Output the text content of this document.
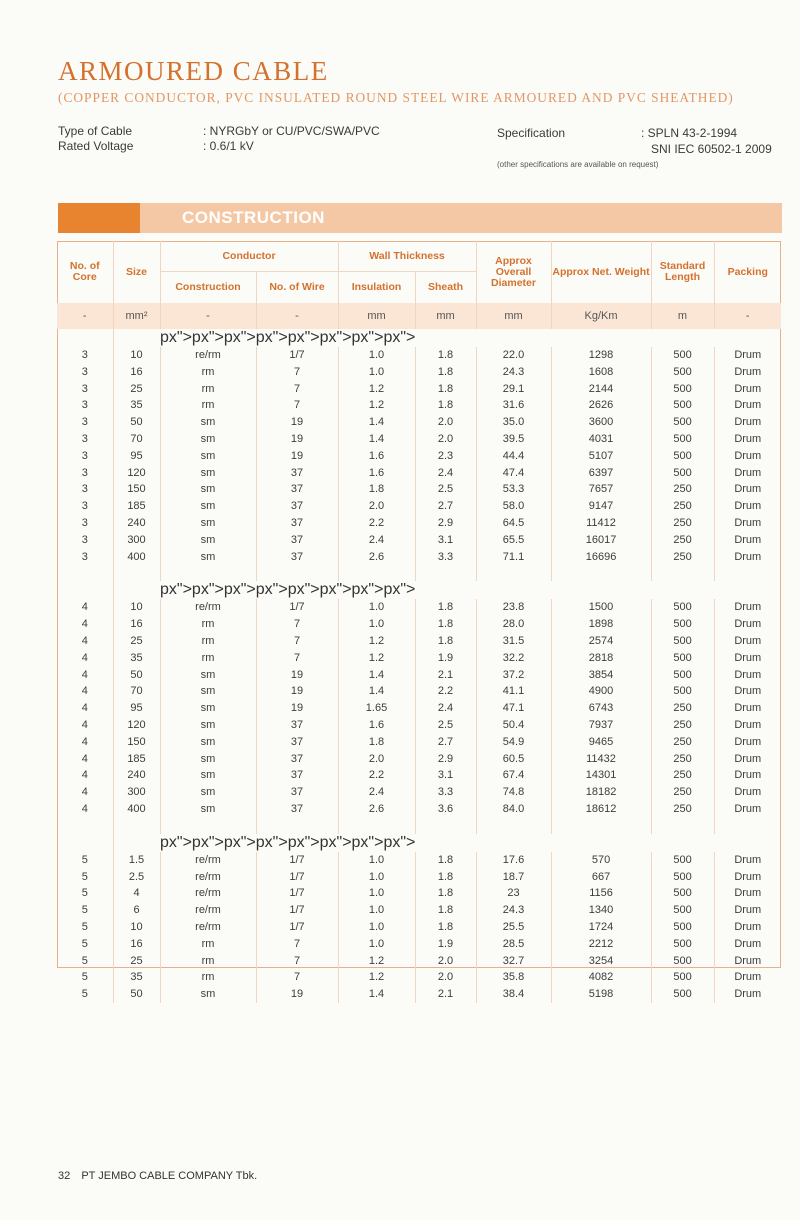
ARMOURED CABLE
(COPPER CONDUCTOR, PVC INSULATED ROUND STEEL WIRE ARMOURED AND PVC SHEATHED)
Type of Cable	: NYRGbY or CU/PVC/SWA/PVC
Rated Voltage	: 0.6/1 kV
Specification	: SPLN 43-2-1994
SNI IEC 60502-1 2009
(other specifications are available on request)
CONSTRUCTION
No. of Core	Size	Conductor		Wall Thickness		Approx Overall Diameter	Approx Net. Weight	Standard Length	Packing
		Construction	No. of Wire	Insulation	Sheath				
-	mm²	-	-	mm	mm	mm	Kg/Km	m	-
		px">px">px">px">px">px">px">px">
3	10	re/rm	1/7	1.0	1.8	22.0	1298	500	Drum
3	16	rm	7	1.0	1.8	24.3	1608	500	Drum
3	25	rm	7	1.2	1.8	29.1	2144	500	Drum
3	35	rm	7	1.2	1.8	31.6	2626	500	Drum
3	50	sm	19	1.4	2.0	35.0	3600	500	Drum
3	70	sm	19	1.4	2.0	39.5	4031	500	Drum
3	95	sm	19	1.6	2.3	44.4	5107	500	Drum
3	120	sm	37	1.6	2.4	47.4	6397	500	Drum
3	150	sm	37	1.8	2.5	53.3	7657	250	Drum
3	185	sm	37	2.0	2.7	58.0	9147	250	Drum
3	240	sm	37	2.2	2.9	64.5	11412	250	Drum
3	300	sm	37	2.4	3.1	65.5	16017	250	Drum
3	400	sm	37	2.6	3.3	71.1	16696	250	Drum

		px">px">px">px">px">px">px">px">
4	10	re/rm	1/7	1.0	1.8	23.8	1500	500	Drum
4	16	rm	7	1.0	1.8	28.0	1898	500	Drum
4	25	rm	7	1.2	1.8	31.5	2574	500	Drum
4	35	rm	7	1.2	1.9	32.2	2818	500	Drum
4	50	sm	19	1.4	2.1	37.2	3854	500	Drum
4	70	sm	19	1.4	2.2	41.1	4900	500	Drum
4	95	sm	19	1.65	2.4	47.1	6743	250	Drum
4	120	sm	37	1.6	2.5	50.4	7937	250	Drum
4	150	sm	37	1.8	2.7	54.9	9465	250	Drum
4	185	sm	37	2.0	2.9	60.5	11432	250	Drum
4	240	sm	37	2.2	3.1	67.4	14301	250	Drum
4	300	sm	37	2.4	3.3	74.8	18182	250	Drum
4	400	sm	37	2.6	3.6	84.0	18612	250	Drum

		px">px">px">px">px">px">px">px">
5	1.5	re/rm	1/7	1.0	1.8	17.6	570	500	Drum
5	2.5	re/rm	1/7	1.0	1.8	18.7	667	500	Drum
5	4	re/rm	1/7	1.0	1.8	23	1156	500	Drum
5	6	re/rm	1/7	1.0	1.8	24.3	1340	500	Drum
5	10	re/rm	1/7	1.0	1.8	25.5	1724	500	Drum
5	16	rm	7	1.0	1.9	28.5	2212	500	Drum
5	25	rm	7	1.2	2.0	32.7	3254	500	Drum
5	35	rm	7	1.2	2.0	35.8	4082	500	Drum
5	50	sm	19	1.4	2.1	38.4	5198	500	Drum
32 PT JEMBO CABLE COMPANY Tbk.
